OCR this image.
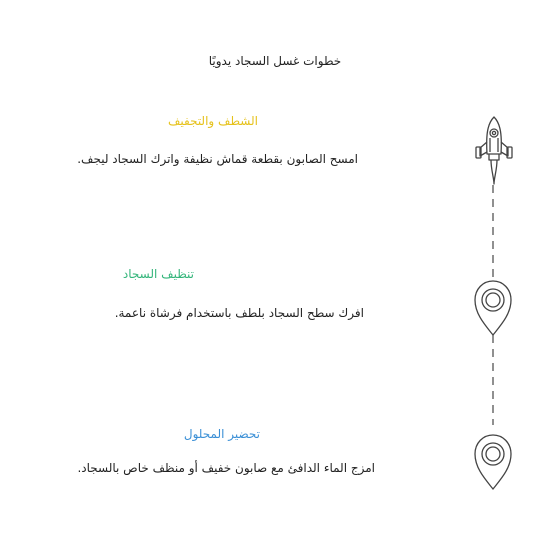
خطوات غسل السجاد يدويًا
الشطف والتجفيف
امسح الصابون بقطعة قماش نظيفة واترك السجاد ليجف.
تنظيف السجاد
افرك سطح السجاد بلطف باستخدام فرشاة ناعمة.
تحضير المحلول
امزج الماء الدافئ مع صابون خفيف أو منظف خاص بالسجاد.
